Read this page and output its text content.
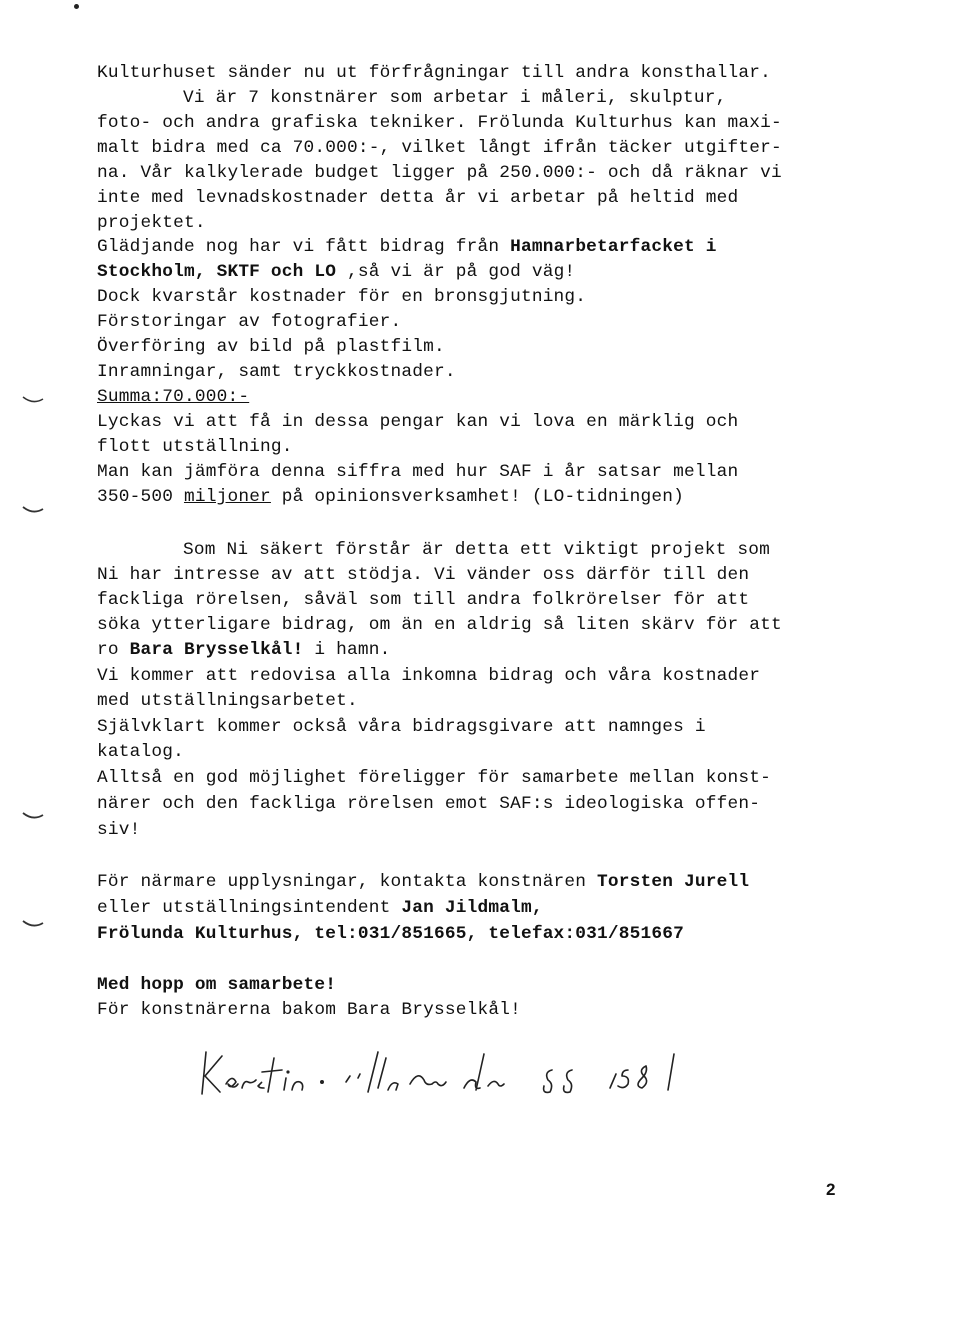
Kulturhuset sänder nu ut förfrågningar till andra konsthallar.
Vi är 7 konstnärer som arbetar i måleri, skulptur,
foto- och andra grafiska tekniker. Frölunda Kulturhus kan maxi-
malt bidra med ca 70.000:-, vilket långt ifrån täcker utgifter-
na. Vår kalkylerade budget ligger på 250.000:- och då räknar vi
inte med levnadskostnader detta år vi arbetar på heltid med
projektet.
Glädjande nog har vi fått bidrag från Hamnarbetarfacket i
Stockholm, SKTF och LO ,så vi är på god väg!
Dock kvarstår kostnader för en bronsgjutning.
Förstoringar av fotografier.
Överföring av bild på plastfilm.
Inramningar, samt tryckkostnader.
Summa:70.000:-
Lyckas vi att få in dessa pengar kan vi lova en märklig och
flott utställning.
Man kan jämföra denna siffra med hur SAF i år satsar mellan
350-500 miljoner på opinionsverksamhet! (LO-tidningen)
Som Ni säkert förstår är detta ett viktigt projekt som
Ni har intresse av att stödja. Vi vänder oss därför till den
fackliga rörelsen, såväl som till andra folkrörelser för att
söka ytterligare bidrag, om än en aldrig så liten skärv för att
ro Bara Brysselkål! i hamn.
Vi kommer att redovisa alla inkomna bidrag och våra kostnader
med utställningsarbetet.
Självklart kommer också våra bidragsgivare att namnges i
katalog.
Alltså en god möjlighet föreligger för samarbete mellan konst-
närer och den fackliga rörelsen emot SAF:s ideologiska offen-
siv!
För närmare upplysningar, kontakta konstnären Torsten Jurell
eller utställningsintendent Jan Jildmalm,
Frölunda Kulturhus, tel:031/851665, telefax:031/851667
Med hopp om samarbete!
För konstnärerna bakom Bara Brysselkål!
2
